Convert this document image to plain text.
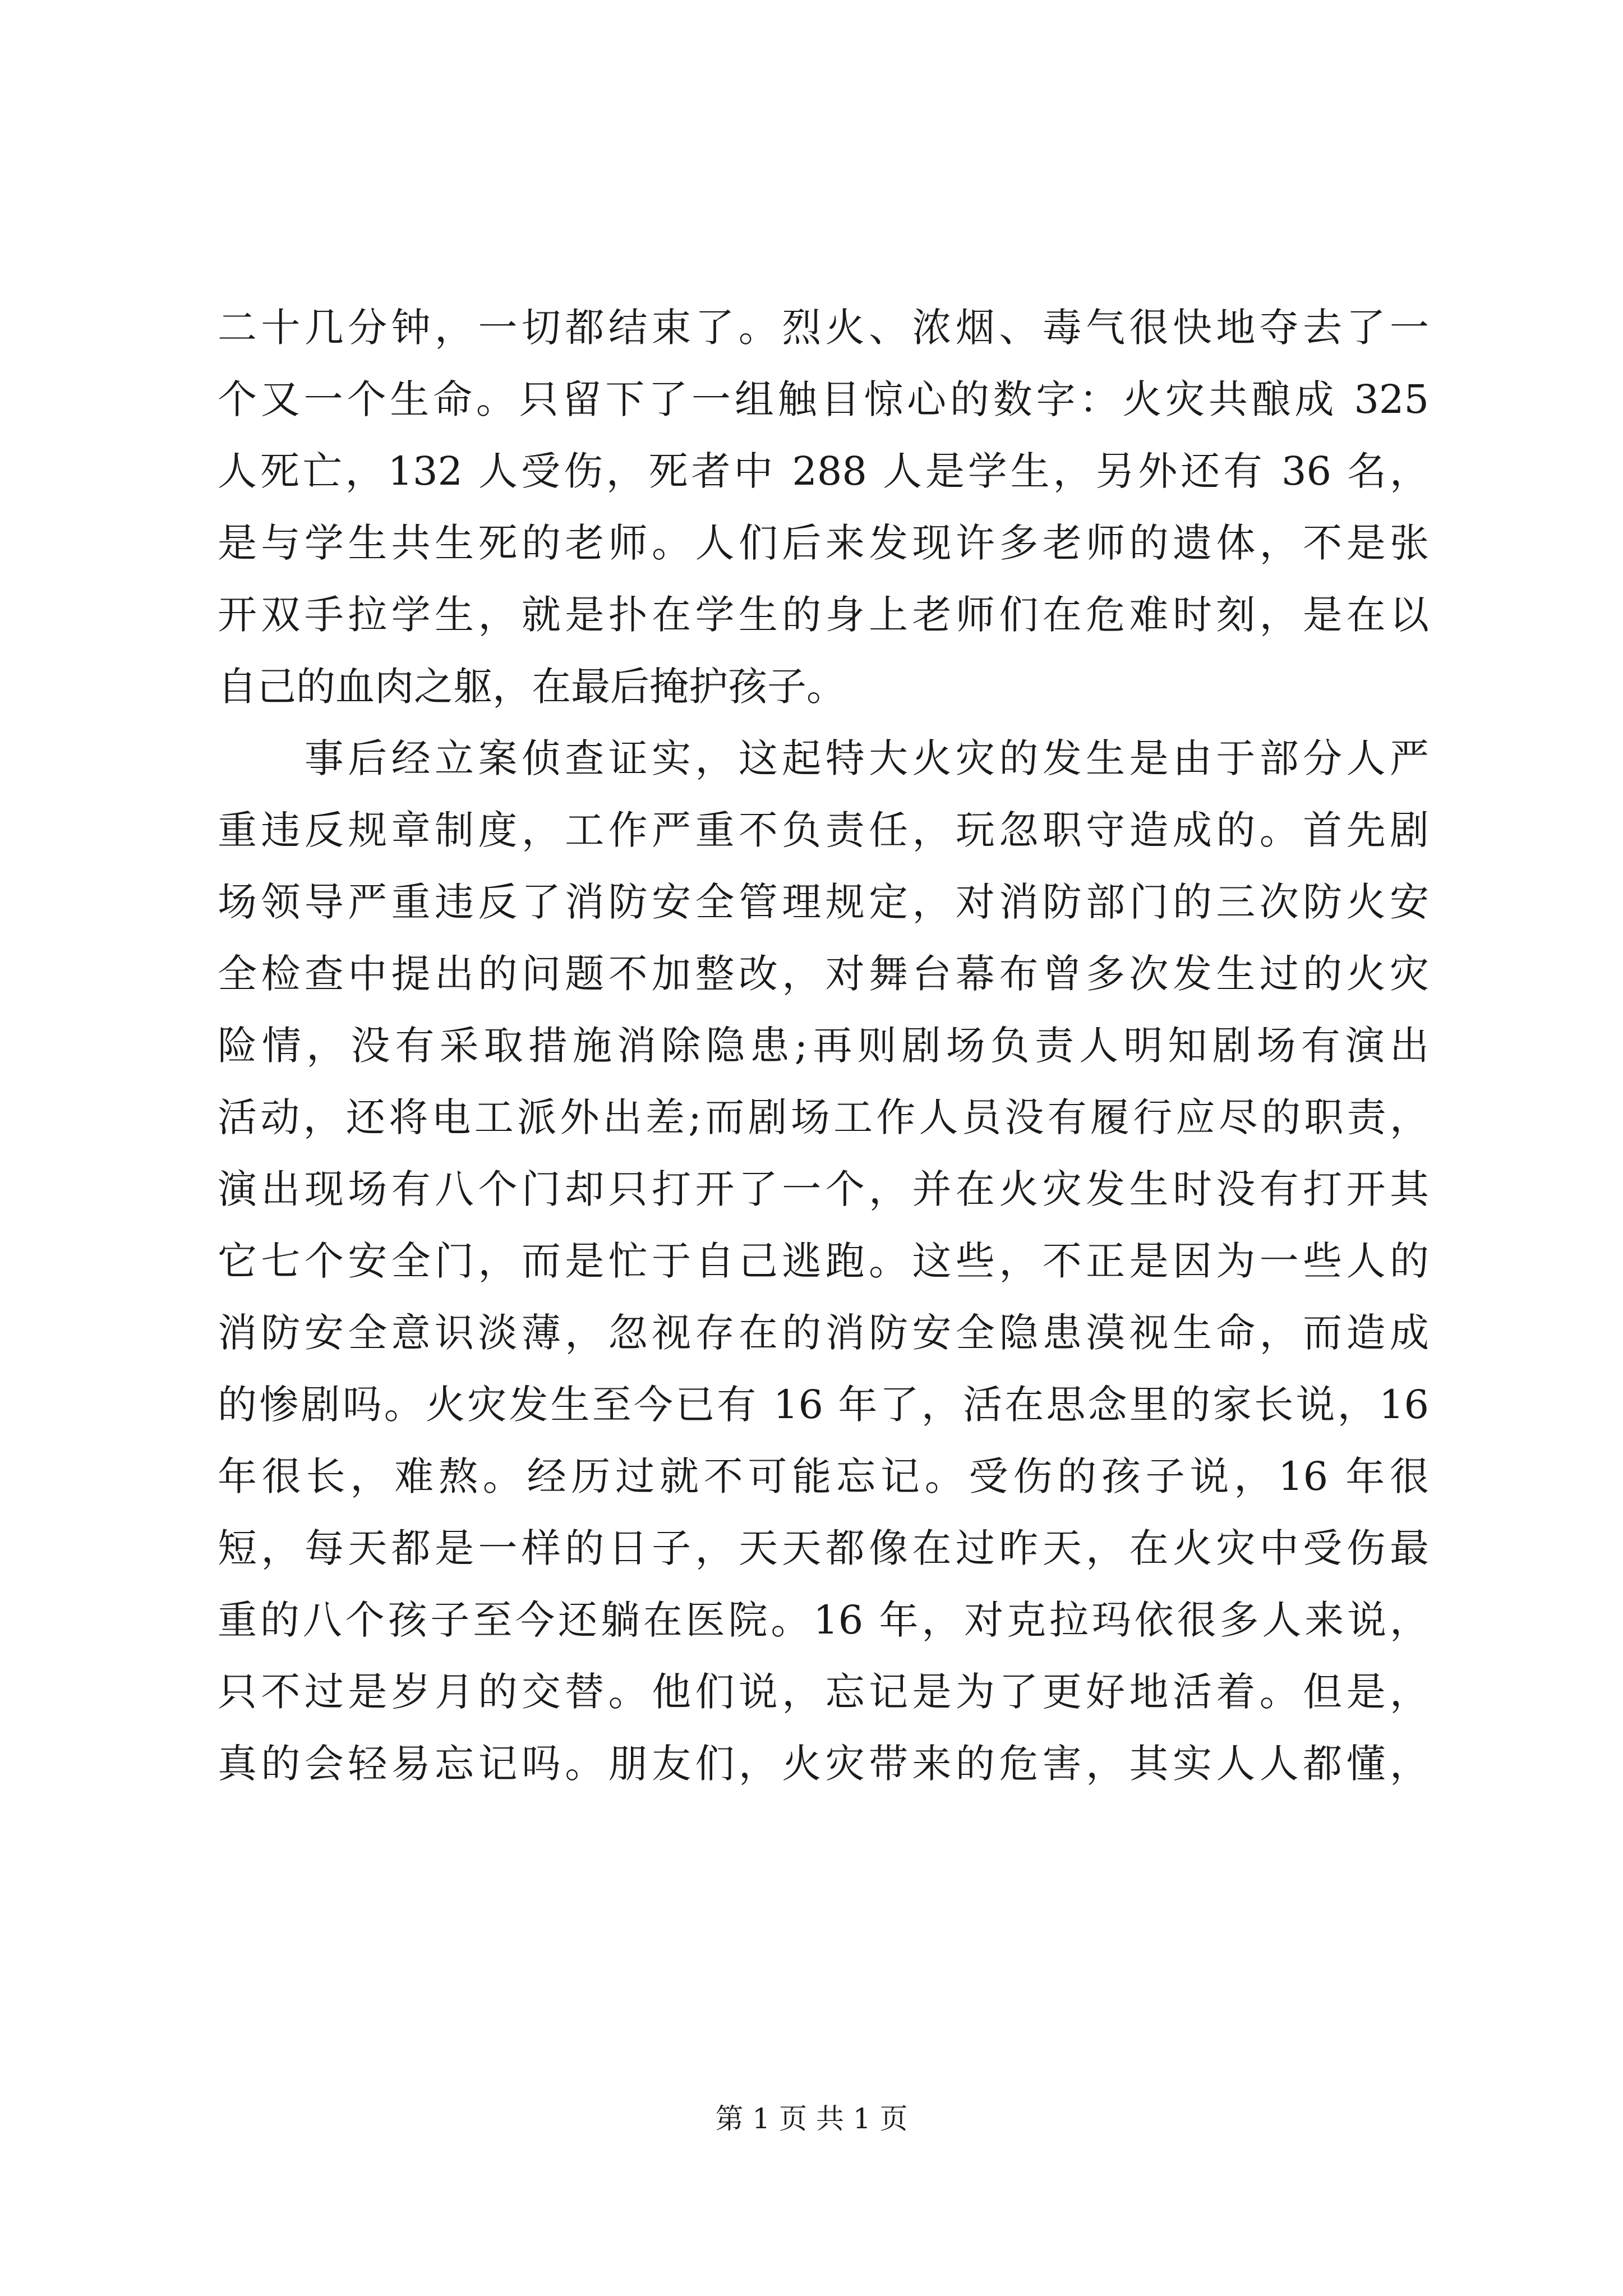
二十几分钟，一切都结束了。烈火、浓烟、毒气很快地夺去了一
个又一个生命。只留下了一组触目惊心的数字：火灾共酿成 325
人死亡，132 人受伤，死者中 288 人是学生，另外还有 36 名，
是与学生共生死的老师。人们后来发现许多老师的遗体，不是张
开双手拉学生，就是扑在学生的身上老师们在危难时刻，是在以
自己的血肉之躯，在最后掩护孩子。
　　事后经立案侦查证实，这起特大火灾的发生是由于部分人严
重违反规章制度，工作严重不负责任，玩忽职守造成的。首先剧
场领导严重违反了消防安全管理规定，对消防部门的三次防火安
全检查中提出的问题不加整改，对舞台幕布曾多次发生过的火灾
险情，没有采取措施消除隐患;再则剧场负责人明知剧场有演出
活动，还将电工派外出差;而剧场工作人员没有履行应尽的职责，
演出现场有八个门却只打开了一个，并在火灾发生时没有打开其
它七个安全门，而是忙于自己逃跑。这些，不正是因为一些人的
消防安全意识淡薄，忽视存在的消防安全隐患漠视生命，而造成
的惨剧吗。火灾发生至今已有 16 年了，活在思念里的家长说，16
年很长，难熬。经历过就不可能忘记。受伤的孩子说，16 年很
短，每天都是一样的日子，天天都像在过昨天，在火灾中受伤最
重的八个孩子至今还躺在医院。16 年，对克拉玛依很多人来说，
只不过是岁月的交替。他们说，忘记是为了更好地活着。但是，
真的会轻易忘记吗。朋友们，火灾带来的危害，其实人人都懂，
第 1 页 共 1 页
